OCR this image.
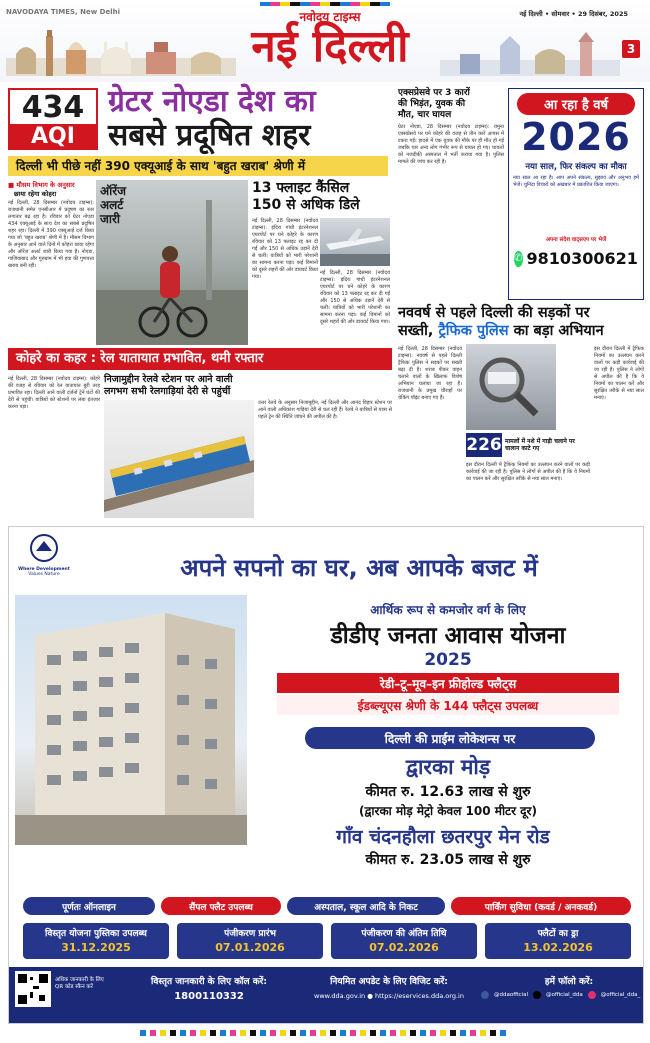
NAVODAYA TIMES, New Delhi	नवोदय टाइम्स
नई दिल्ली
नई दिल्ली • सोमवार • 29 दिसंबर, 2025
3
434
AQI
ग्रेटर नोएडा देश का
सबसे प्रदूषित शहर
दिल्ली भी पीछे नहीं 390 एक्यूआई के साथ 'बहुत खराब' श्रेणी में
■ मौसम विभाग के अनुसार
छाया रहेगा कोहरा
नई दिल्ली, 28 दिसम्बर (नवोदय टाइम्स): राजधानी समेत एनसीआर में प्रदूषण का स्तर लगातार बढ़ रहा है। रविवार को ग्रेटर नोएडा 434 एक्यूआई के साथ देश का सबसे प्रदूषित शहर रहा। दिल्ली में 390 एक्यूआई दर्ज किया गया जो 'बहुत खराब' श्रेणी में है। मौसम विभाग के अनुसार आने वाले दिनों में कोहरा छाया रहेगा और ऑरेंज अलर्ट जारी किया गया है। नोएडा, गाजियाबाद और गुरुग्राम में भी हवा की गुणवत्ता खराब बनी रही।
ऑरेंज
अलर्ट
जारी
13 फ्लाइट कैंसिल
150 से अधिक डिले
नई दिल्ली, 28 दिसम्बर (नवोदय टाइम्स): इंदिरा गांधी इंटरनेशनल एयरपोर्ट पर घने कोहरे के कारण रविवार को 13 फ्लाइट रद्द कर दी गईं और 150 से अधिक उड़ानें देरी से चलीं। यात्रियों को भारी परेशानी का सामना करना पड़ा। कई विमानों को दूसरे शहरों की ओर डायवर्ट किया गया।
नई दिल्ली, 28 दिसम्बर (नवोदय टाइम्स): इंदिरा गांधी इंटरनेशनल एयरपोर्ट पर घने कोहरे के कारण रविवार को 13 फ्लाइट रद्द कर दी गईं और 150 से अधिक उड़ानें देरी से चलीं। यात्रियों को भारी परेशानी का सामना करना पड़ा। कई विमानों को दूसरे शहरों की ओर डायवर्ट किया गया।
एक्सप्रेसवे पर 3 कारों
की भिड़ंत, युवक की
मौत, चार घायल
ग्रेटर नोएडा, 28 दिसम्बर (नवोदय टाइम्स): यमुना एक्सप्रेसवे पर घने कोहरे की वजह से तीन कारें आपस में टकरा गईं। हादसे में एक युवक की मौके पर ही मौत हो गई जबकि चार अन्य लोग गंभीर रूप से घायल हो गए। घायलों को नजदीकी अस्पताल में भर्ती कराया गया है। पुलिस मामले की जांच कर रही है।
आ रहा है वर्ष
2026
नया साल, फिर संकल्प का मौका
नया साल आ रहा है। आप अपने संकल्प, सुझाव और अनुभव हमें भेजें। चुनिंदा विचारों को अखबार में प्रकाशित किया जाएगा।
अपना संदेश वाट्सएप पर भेजें
✆ 9810300621
नववर्ष से पहले दिल्ली की सड़कों पर
सख्ती, ट्रैफिक पुलिस का बड़ा अभियान
नई दिल्ली, 28 दिसम्बर (नवोदय टाइम्स): नववर्ष से पहले दिल्ली ट्रैफिक पुलिस ने सड़कों पर सख्ती बढ़ा दी है। शराब पीकर वाहन चलाने वालों के खिलाफ विशेष अभियान चलाया जा रहा है। राजधानी के प्रमुख चौराहों पर चेकिंग पॉइंट बनाए गए हैं।
226 मामलों में नशे में गाड़ी चलाने पर चालान काटे गए
इस दौरान दिल्ली में ट्रैफिक नियमों का उल्लंघन करने वालों पर कड़ी कार्रवाई की जा रही है। पुलिस ने लोगों से अपील की है कि वे नियमों का पालन करें और सुरक्षित तरीके से नया साल मनाएं।
इस दौरान दिल्ली में ट्रैफिक नियमों का उल्लंघन करने वालों पर कड़ी कार्रवाई की जा रही है। पुलिस ने लोगों से अपील की है कि वे नियमों का पालन करें और सुरक्षित तरीके से नया साल मनाएं।
कोहरे का कहर : रेल यातायात प्रभावित, थमी रफ्तार
नई दिल्ली, 28 दिसम्बर (नवोदय टाइम्स): कोहरे की वजह से रविवार को रेल यातायात बुरी तरह प्रभावित रहा। दिल्ली आने वाली दर्जनों ट्रेनें घंटों की देरी से पहुंचीं। यात्रियों को स्टेशनों पर लंबा इंतजार करना पड़ा।
निजामुद्दीन रेलवे स्टेशन पर आने वाली
लगभग सभी रेलगाड़ियां देरी से पहुंचीं
उत्तर रेलवे के अनुसार निजामुद्दीन, नई दिल्ली और आनंद विहार स्टेशन पर आने वाली अधिकांश गाड़ियां देरी से चल रही हैं। रेलवे ने यात्रियों से यात्रा से पहले ट्रेन की स्थिति जांचने की अपील की है।
Where Development
Values Nature	अपने सपनो का घर, अब आपके बजट में
आर्थिक रूप से कमजोर वर्ग के लिए
डीडीए जनता आवास योजना
2025
रेडी–टू–मूव–इन फ्रीहोल्ड फ्लैट्स
ईडब्ल्यूएस श्रेणी के 144 फ्लैट्स उपलब्ध
दिल्ली की प्राईम लोकेशन्स पर
द्वारका मोड़
कीमत रु. 12.63 लाख से शुरु
(द्वारका मोड़ मेट्रो केवल 100 मीटर दूर)
गाँव चंदनहौला छतरपुर मेन रोड
कीमत रु. 23.05 लाख से शुरु
पूर्णतः ऑनलाइन	सैंपल फ्लैट उपलब्ध	अस्पताल, स्कूल आदि के निकट	पार्किंग सुविधा (कवर्ड / अनकवर्ड)
विस्तृत योजना पुस्तिका उपलब्ध
31.12.2025
पंजीकरण प्रारंभ
07.01.2026
पंजीकरण की अंतिम तिथि
07.02.2026
फ्लैटों का ड्रा
13.02.2026
अधिक जानकारी के लिए QR कोड स्कैन करें
विस्तृत जानकारी के लिए कॉल करें:
1800110332
नियमित अपडेट के लिए विजिट करें:
www.dda.gov.in ● https://eservices.dda.org.in
हमें फॉलो करें:
@ddaofficial	@official_dda	@official_dda_
